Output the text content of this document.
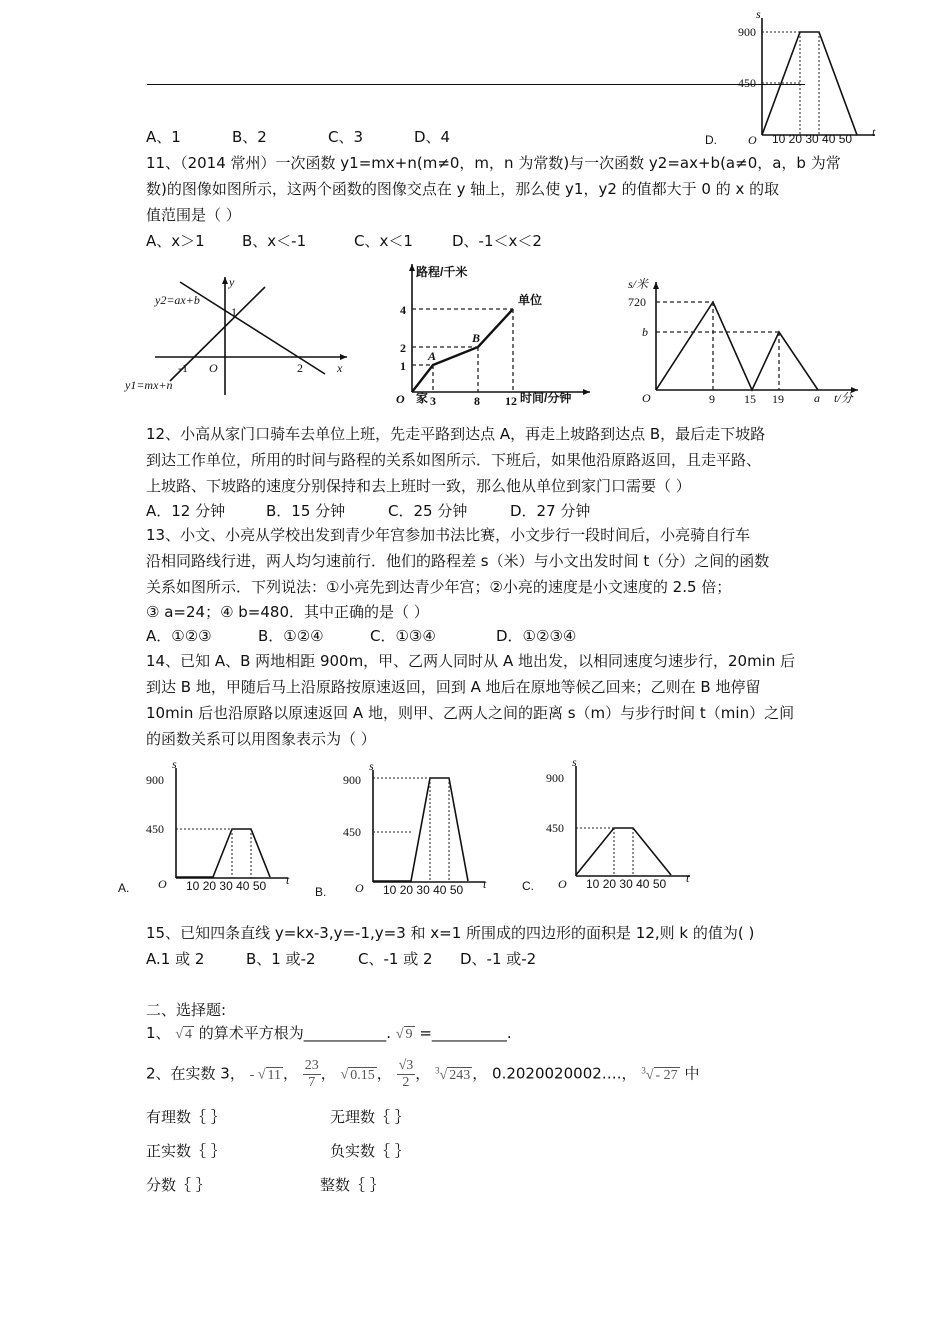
900
450
s
D.	O 10 20 30 40 50 t
A、1	B、2	C、3	D、4
11、（2014 常州）一次函数 y1=mx+n(m≠0，m，n 为常数)与一次函数 y2=ax+b(a≠0，a，b 为常
数)的图像如图所示，这两个函数的图像交点在 y 轴上，那么使 y1，y2 的值都大于 0 的 x 的取
值范围是（ ）
A、x＞1 B、x＜-1	C、x＜1	D、-1＜x＜2
y2=ax+b
y1=mx+n
y
x
O
-1	2
1
路程/千米
时间/分钟
单位
家
O
A
B
4
2
1
3	8 12
s/米
720
b
O	9 15 19	a t/分
12、小高从家门口骑车去单位上班，先走平路到达点 A，再走上坡路到达点 B，最后走下坡路
到达工作单位，所用的时间与路程的关系如图所示．下班后，如果他沿原路返回，且走平路、
上坡路、下坡路的速度分别保持和去上班时一致，那么他从单位到家门口需要（ ）
A．12 分钟	B．15 分钟	C．25 分钟	D．27 分钟
13、小文、小亮从学校出发到青少年宫参加书法比赛，小文步行一段时间后，小亮骑自行车
沿相同路线行进，两人均匀速前行．他们的路程差 s（米）与小文出发时间 t（分）之间的函数
关系如图所示．下列说法：①小亮先到达青少年宫；②小亮的速度是小文速度的 2.5 倍；
③ a=24；④ b=480．其中正确的是（ ）
A．①②③	B．①②④	C．①③④	D．①②③④
14、已知 A、B 两地相距 900m，甲、乙两人同时从 A 地出发，以相同速度匀速步行，20min 后
到达 B 地，甲随后马上沿原路按原速返回，回到 A 地后在原地等候乙回来；乙则在 B 地停留
10min 后也沿原路以原速返回 A 地，则甲、乙两人之间的距离 s（m）与步行时间 t（min）之间
的函数关系可以用图象表示为（ ）
900
450
s
A. O 10 20 30 40 50 t
900
450
s
B. O 10 20 30 40 50 t
900
450
s
C. O 10 20 30 40 50 t
15、已知四条直线 y=kx-3,y=-1,y=3 和 x=1 所围成的四边形的面积是 12,则 k 的值为( )
A.1 或 2	B、1 或-2	C、-1 或 2 D、-1 或-2
二、选择题:
1、 √ 4 的算术平方根为___________. √ 9 =__________.
2、在实数 3， - √ 11 ， $\frac{23}{7}$ ， √ 0.15 ， $\frac{√3}{2}$ ， $^3$√ 243 ， 0.2020020002….， $^3$√ - 27 中
有理数｛ ｝	无理数｛ ｝
正实数｛ ｝	负实数｛ ｝
分数｛ ｝	整数｛ ｝
